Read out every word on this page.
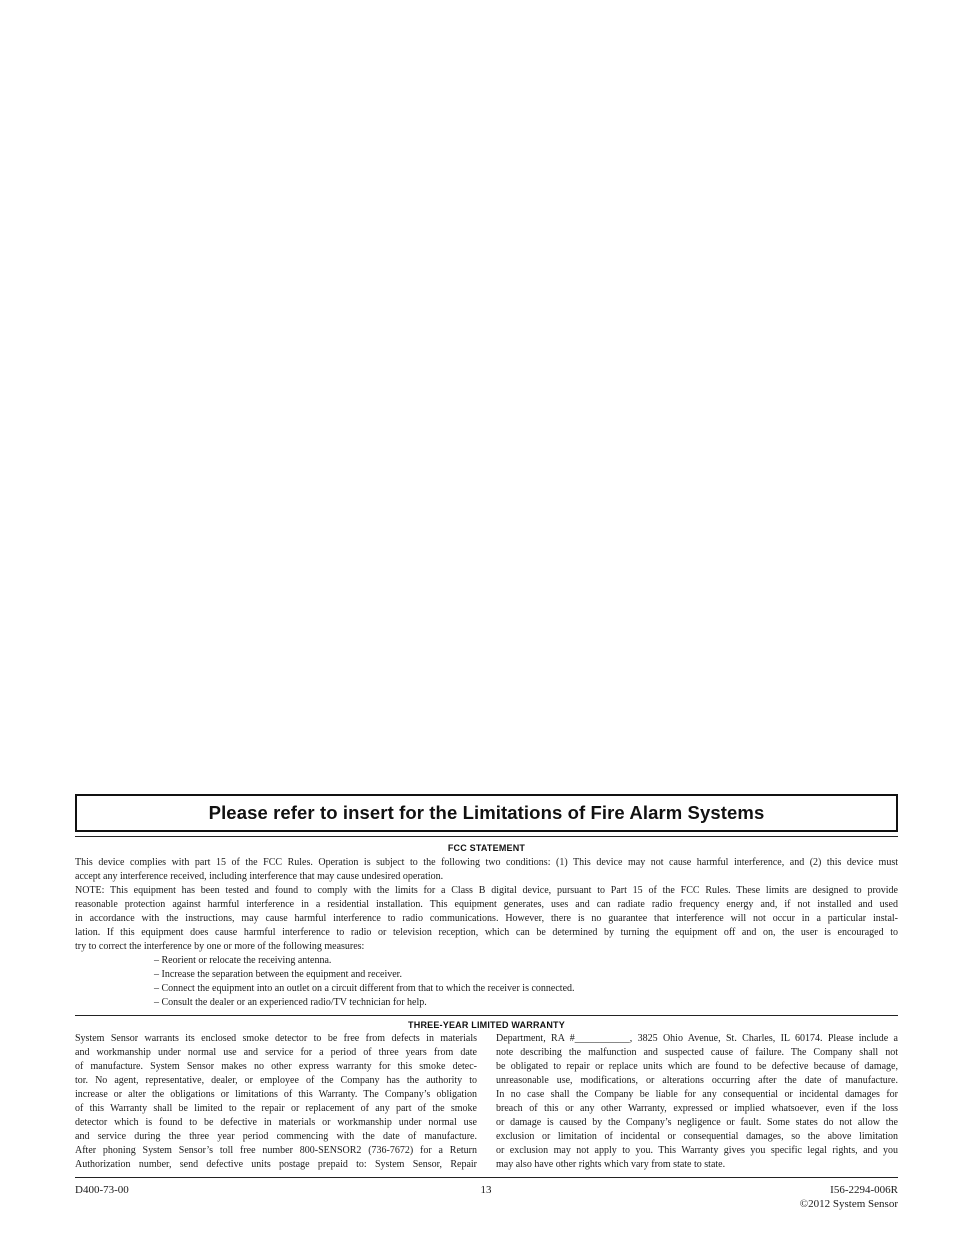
Please refer to insert for the Limitations of Fire Alarm Systems
FCC STATEMENT
This device complies with part 15 of the FCC Rules. Operation is subject to the following two conditions: (1) This device may not cause harmful interference, and (2) this device must
accept any interference received, including interference that may cause undesired operation.
NOTE: This equipment has been tested and found to comply with the limits for a Class B digital device, pursuant to Part 15 of the FCC Rules. These limits are designed to provide
reasonable protection against harmful interference in a residential installation. This equipment generates, uses and can radiate radio frequency energy and, if not installed and used
in accordance with the instructions, may cause harmful interference to radio communications. However, there is no guarantee that interference will not occur in a particular instal-
lation. If this equipment does cause harmful interference to radio or television reception, which can be determined by turning the equipment off and on, the user is encouraged to
try to correct the interference by one or more of the following measures:
– Reorient or relocate the receiving antenna.
– Increase the separation between the equipment and receiver.
– Connect the equipment into an outlet on a circuit different from that to which the receiver is connected.
– Consult the dealer or an experienced radio/TV technician for help.
THREE-YEAR LIMITED WARRANTY
System Sensor warrants its enclosed smoke detector to be free from defects in materials
and workmanship under normal use and service for a period of three years from date
of manufacture. System Sensor makes no other express warranty for this smoke detec-
tor. No agent, representative, dealer, or employee of the Company has the authority to
increase or alter the obligations or limitations of this Warranty. The Company’s obligation
of this Warranty shall be limited to the repair or replacement of any part of the smoke
detector which is found to be defective in materials or workmanship under normal use
and service during the three year period commencing with the date of manufacture.
After phoning System Sensor’s toll free number 800-SENSOR2 (736-7672) for a Return
Authorization number, send defective units postage prepaid to: System Sensor, Repair
Department, RA #___________, 3825 Ohio Avenue, St. Charles, IL 60174. Please include a
note describing the malfunction and suspected cause of failure. The Company shall not
be obligated to repair or replace units which are found to be defective because of damage,
unreasonable use, modifications, or alterations occurring after the date of manufacture.
In no case shall the Company be liable for any consequential or incidental damages for
breach of this or any other Warranty, expressed or implied whatsoever, even if the loss
or damage is caused by the Company’s negligence or fault. Some states do not allow the
exclusion or limitation of incidental or consequential damages, so the above limitation
or exclusion may not apply to you. This Warranty gives you specific legal rights, and you
may also have other rights which vary from state to state.
D400-73-00	13	I56-2294-006R
©2012 System Sensor
